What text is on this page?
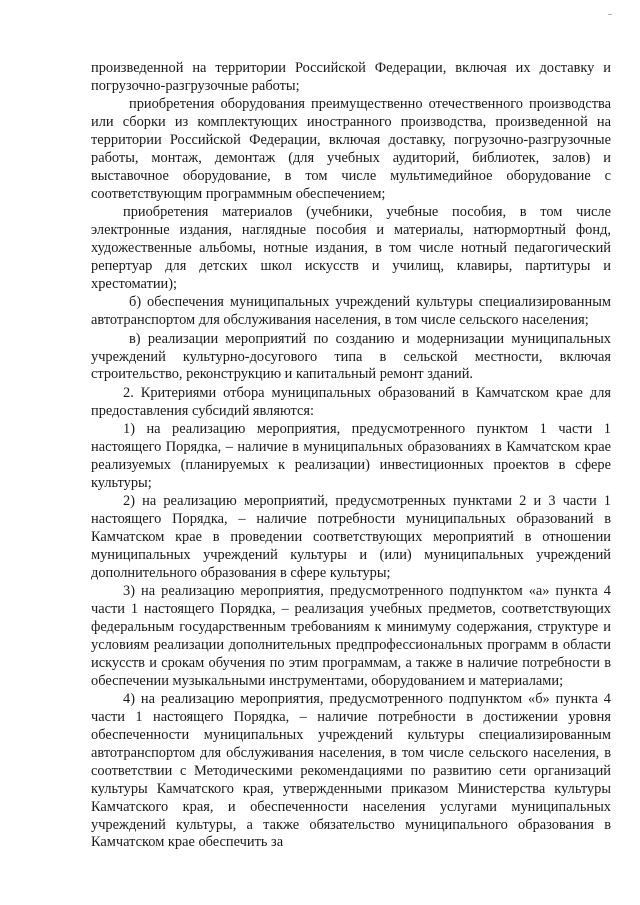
произведенной на территории Российской Федерации, включая их доставку и погрузочно-разгрузочные работы;

приобретения оборудования преимущественно отечественного производства или сборки из комплектующих иностранного производства, произведенной на территории Российской Федерации, включая доставку, погрузочно-разгрузочные работы, монтаж, демонтаж (для учебных аудиторий, библиотек, залов) и выставочное оборудование, в том числе мультимедийное оборудование с соответствующим программным обеспечением;

приобретения материалов (учебники, учебные пособия, в том числе электронные издания, наглядные пособия и материалы, натюрмортный фонд, художественные альбомы, нотные издания, в том числе нотный педагогический репертуар для детских школ искусств и училищ, клавиры, партитуры и хрестоматии);

б) обеспечения муниципальных учреждений культуры специализированным автотранспортом для обслуживания населения, в том числе сельского населения;

в) реализации мероприятий по созданию и модернизации муниципальных учреждений культурно-досугового типа в сельской местности, включая строительство, реконструкцию и капитальный ремонт зданий.

2. Критериями отбора муниципальных образований в Камчатском крае для предоставления субсидий являются:

1) на реализацию мероприятия, предусмотренного пунктом 1 части 1 настоящего Порядка, – наличие в муниципальных образованиях в Камчатском крае реализуемых (планируемых к реализации) инвестиционных проектов в сфере культуры;

2) на реализацию мероприятий, предусмотренных пунктами 2 и 3 части 1 настоящего Порядка, – наличие потребности муниципальных образований в Камчатском крае в проведении соответствующих мероприятий в отношении муниципальных учреждений культуры и (или) муниципальных учреждений дополнительного образования в сфере культуры;

3) на реализацию мероприятия, предусмотренного подпунктом «а» пункта 4 части 1 настоящего Порядка, – реализация учебных предметов, соответствующих федеральным государственным требованиям к минимуму содержания, структуре и условиям реализации дополнительных предпрофессиональных программ в области искусств и срокам обучения по этим программам, а также в наличие потребности в обеспечении музыкальными инструментами, оборудованием и материалами;

4) на реализацию мероприятия, предусмотренного подпунктом «б» пункта 4 части 1 настоящего Порядка, – наличие потребности в достижении уровня обеспеченности муниципальных учреждений культуры специализированным автотранспортом для обслуживания населения, в том числе сельского населения, в соответствии с Методическими рекомендациями по развитию сети организаций культуры Камчатского края, утвержденными приказом Министерства культуры Камчатского края, и обеспеченности населения услугами муниципальных учреждений культуры, а также обязательство муниципального образования в Камчатском крае обеспечить за
